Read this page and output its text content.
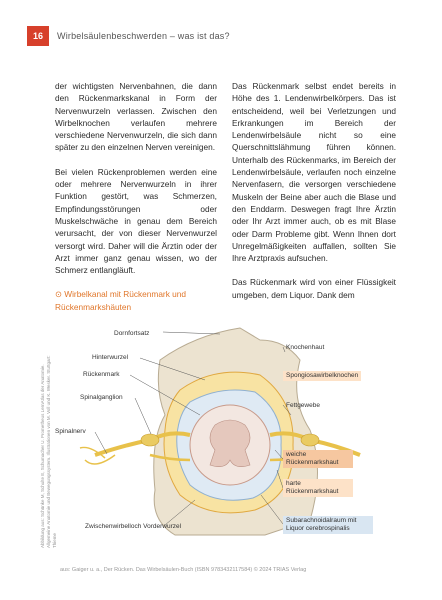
16	Wirbelsäulenbeschwerden – was ist das?

der wichtigsten Nervenbahnen, die dann den Rückenmarkskanal in Form der Nervenwurzeln verlassen. Zwischen den Wirbelknochen verlaufen mehrere verschiedene Nervenwurzeln, die sich dann später zu den einzelnen Nerven vereinigen.

Bei vielen Rückenproblemen werden eine oder mehrere Nervenwurzeln in ihrer Funktion gestört, was Schmerzen, Empfindungsstörungen oder Muskelschwäche in genau dem Bereich verursacht, der von dieser Nervenwurzel versorgt wird. Daher will die Ärztin oder der Arzt immer ganz genau wissen, wo der Schmerz entlangläuft.

⊙ Wirbelkanal mit Rückenmark und Rückenmarkshäuten

Das Rückenmark selbst endet bereits in Höhe des 1. Lendenwirbelkörpers. Das ist entscheidend, weil bei Verletzungen und Erkrankungen im Bereich der Lendenwirbelsäule nicht so eine Querschnittslähmung führen können. Unterhalb des Rückenmarks, im Bereich der Lendenwirbelsäule, verlaufen noch einzelne Nervenfasern, die versorgen verschiedene Muskeln der Beine aber auch die Blase und den Enddarm. Deswegen fragt Ihre Ärztin oder Ihr Arzt immer auch, ob es mit Blase oder Darm Probleme gibt. Wenn Ihnen dort Unregelmäßigkeiten auffallen, sollten Sie Ihre Arztpraxis aufsuchen.

Das Rückenmark wird von einer Flüssigkeit umgeben, dem Liquor. Dank dem

Dornfortsatz
Hinterwurzel
Rückenmark
Spinalganglion
Spinalnerv
Zwischenwirbelloch Vorderwurzel
Knochenhaut
Spongiosawirbelknochen
Fettgewebe
weiche Rückenmarkshaut
harte Rückenmarkshaut
Subarachnoidalraum mit Liquor cerebrospinalis
Abbildung aus: Schünke M, Schulte E, Schumacher U. Prometheus LernAtlas der Anatomie. Allgemeine Anatomie und Bewegungssystem. Illustrationen von M. Voll und K. Wesker. Stuttgart: Thieme
aus: Gaiger u. a., Der Rücken. Das Wirbelsäulen-Buch (ISBN 9783432117584) © 2024 TRIAS Verlag
